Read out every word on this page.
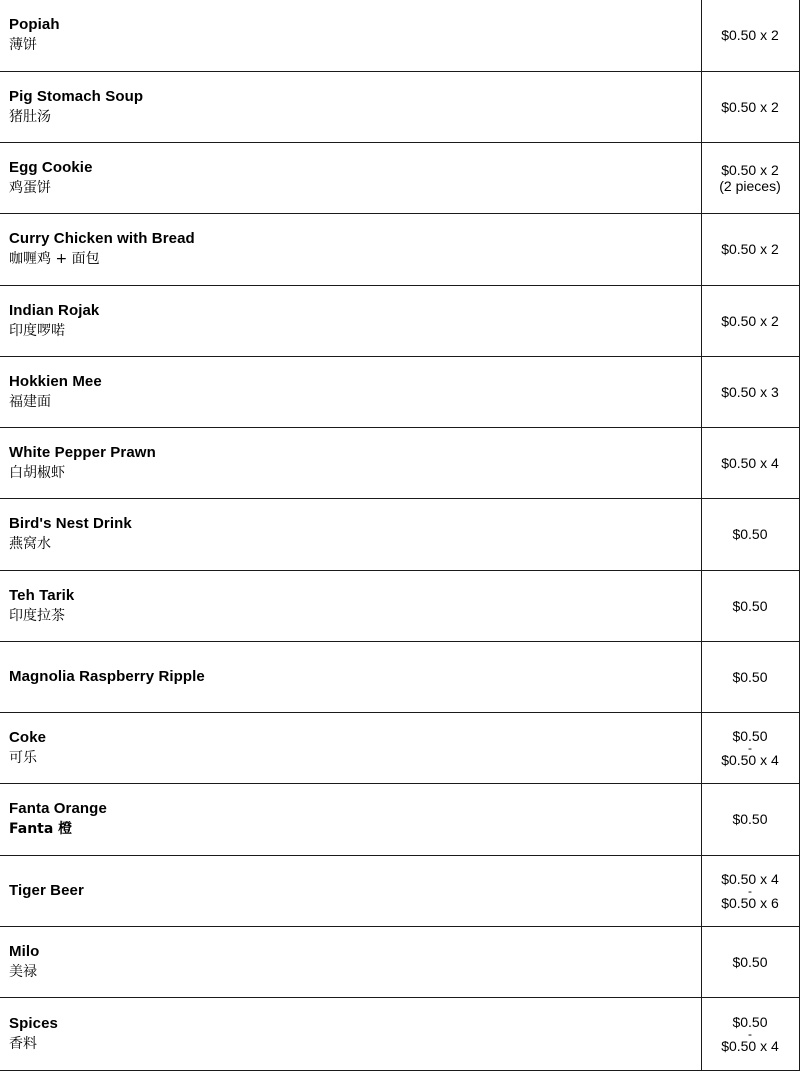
Popiah
薄饼	$0.50 x 2

Pig Stomach Soup
猪肚汤	$0.50 x 2

Egg Cookie
鸡蛋饼	$0.50 x 2
(2 pieces)

Curry Chicken with Bread
咖喱鸡 + 面包	$0.50 x 2

Indian Rojak
印度啰喏	$0.50 x 2

Hokkien Mee
福建面	$0.50 x 3

White Pepper Prawn
白胡椒虾	$0.50 x 4

Bird's Nest Drink
燕窝水	$0.50

Teh Tarik
印度拉茶	$0.50

Magnolia Raspberry Ripple	$0.50

Coke
可乐	$0.50
-
$0.50 x 4

Fanta Orange
Fanta 橙	$0.50

Tiger Beer	$0.50 x 4
-
$0.50 x 6

Milo
美禄	$0.50

Spices
香料	$0.50
-
$0.50 x 4
